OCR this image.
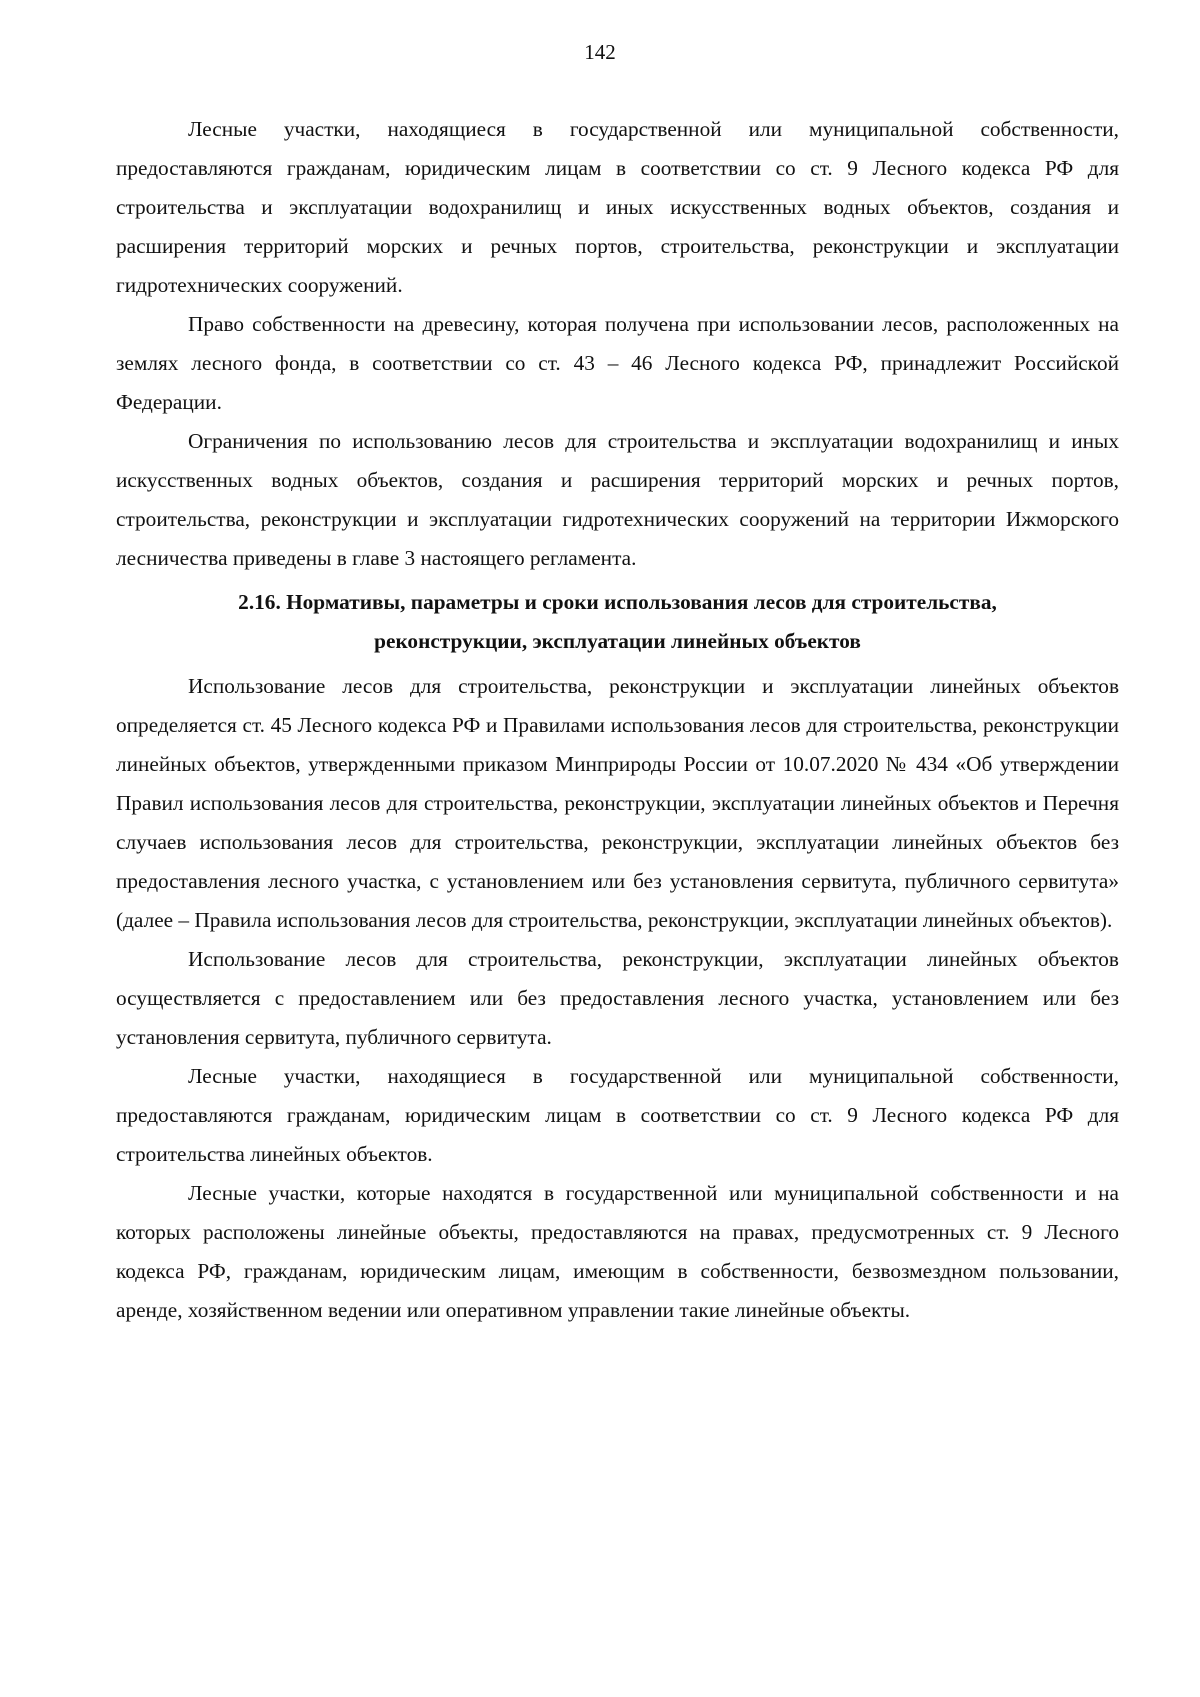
142

Лесные участки, находящиеся в государственной или муниципальной собственности, предоставляются гражданам, юридическим лицам в соответствии со ст. 9 Лесного кодекса РФ для строительства и эксплуатации водохранилищ и иных искусственных водных объектов, создания и расширения территорий морских и речных портов, строительства, реконструкции и эксплуатации гидротехнических сооружений.

Право собственности на древесину, которая получена при использовании лесов, расположенных на землях лесного фонда, в соответствии со ст. 43 – 46 Лесного кодекса РФ, принадлежит Российской Федерации.

Ограничения по использованию лесов для строительства и эксплуатации водохранилищ и иных искусственных водных объектов, создания и расширения территорий морских и речных портов, строительства, реконструкции и эксплуатации гидротехнических сооружений на территории Ижморского лесничества приведены в главе 3 настоящего регламента.

2.16. Нормативы, параметры и сроки использования лесов для строительства,
реконструкции, эксплуатации линейных объектов

Использование лесов для строительства, реконструкции и эксплуатации линейных объектов определяется ст. 45 Лесного кодекса РФ и Правилами использования лесов для строительства, реконструкции линейных объектов, утвержденными приказом Минприроды России от 10.07.2020 № 434 «Об утверждении Правил использования лесов для строительства, реконструкции, эксплуатации линейных объектов и Перечня случаев использования лесов для строительства, реконструкции, эксплуатации линейных объектов без предоставления лесного участка, с установлением или без установления сервитута, публичного сервитута» (далее – Правила использования лесов для строительства, реконструкции, эксплуатации линейных объектов).

Использование лесов для строительства, реконструкции, эксплуатации линейных объектов осуществляется с предоставлением или без предоставления лесного участка, установлением или без установления сервитута, публичного сервитута.

Лесные участки, находящиеся в государственной или муниципальной собственности, предоставляются гражданам, юридическим лицам в соответствии со ст. 9 Лесного кодекса РФ для строительства линейных объектов.

Лесные участки, которые находятся в государственной или муниципальной собственности и на которых расположены линейные объекты, предоставляются на правах, предусмотренных ст. 9 Лесного кодекса РФ, гражданам, юридическим лицам, имеющим в собственности, безвозмездном пользовании, аренде, хозяйственном ведении или оперативном управлении такие линейные объекты.
